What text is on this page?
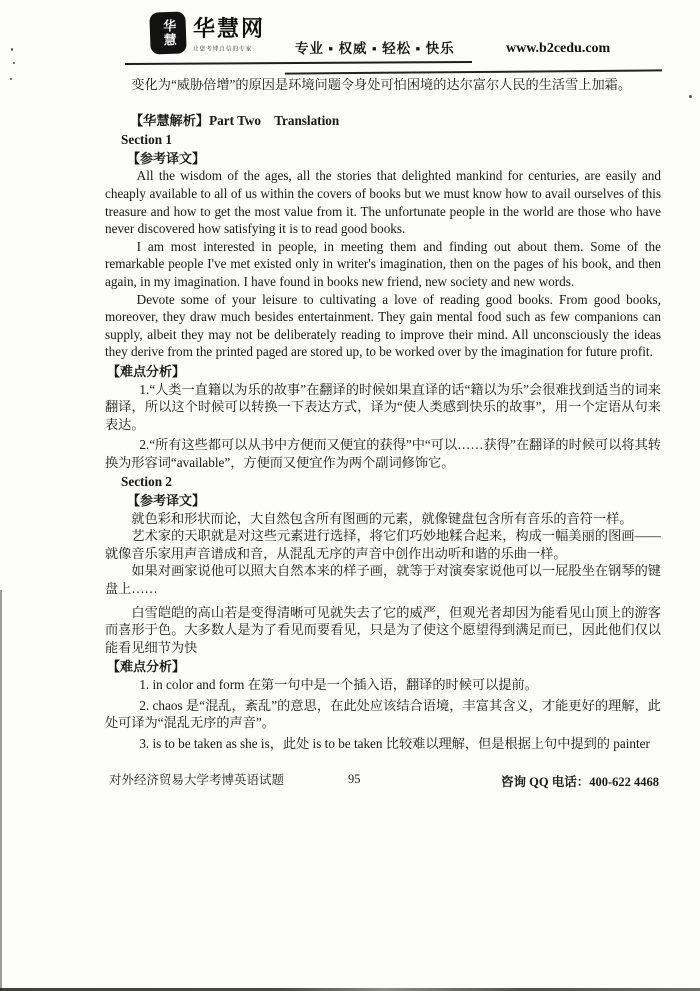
华慧 华慧网
让您考博自信的专家	专业 ▪ 权威 ▪ 轻松 ▪ 快乐	www.b2cedu.com

变化为“威胁倍增”的原因是环境问题令身处可怕困境的达尔富尔人民的生活雪上加霜。

【华慧解析】Part Two　Translation

Section 1

【参考译文】

All the wisdom of the ages, all the stories that delighted mankind for centuries, are easily and cheaply available to all of us within the covers of books but we must know how to avail ourselves of this treasure and how to get the most value from it. The unfortunate people in the world are those who have never discovered how satisfying it is to read good books.

I am most interested in people, in meeting them and finding out about them. Some of the remarkable people I've met existed only in writer's imagination, then on the pages of his book, and then again, in my imagination. I have found in books new friend, new society and new words.

Devote some of your leisure to cultivating a love of reading good books. From good books, moreover, they draw much besides entertainment. They gain mental food such as few companions can supply, albeit they may not be deliberately reading to improve their mind. All unconsciously the ideas they derive from the printed paged are stored up, to be worked over by the imagination for future profit.

【难点分析】

1.“人类一直籍以为乐的故事”在翻译的时候如果直译的话“籍以为乐”会很难找到适当的词来翻译，所以这个时候可以转换一下表达方式，译为“使人类感到快乐的故事”，用一个定语从句来表达。

2.“所有这些都可以从书中方便而又便宜的获得”中“可以……获得”在翻译的时候可以将其转换为形容词“available”，方便而又便宜作为两个副词修饰它。

Section 2

【参考译文】

就色彩和形状而论，大自然包含所有图画的元素，就像键盘包含所有音乐的音符一样。

艺术家的天职就是对这些元素进行选择，将它们巧妙地糅合起来，构成一幅美丽的图画——就像音乐家用声音谱成和音，从混乱无序的声音中创作出动听和谐的乐曲一样。

如果对画家说他可以照大自然本来的样子画，就等于对演奏家说他可以一屁股坐在钢琴的键盘上……

白雪皑皑的高山若是变得清晰可见就失去了它的威严，但观光者却因为能看见山顶上的游客而喜形于色。大多数人是为了看见而要看见，只是为了使这个愿望得到满足而已，因此他们仅以能看见细节为快

【难点分析】

1. in color and form 在第一句中是一个插入语，翻译的时候可以提前。

2. chaos 是“混乱，紊乱”的意思，在此处应该结合语境，丰富其含义，才能更好的理解，此处可译为“混乱无序的声音”。

3. is to be taken as she is，此处 is to be taken 比较难以理解，但是根据上句中提到的 painter

对外经济贸易大学考博英语试题	95	咨询 QQ 电话：400-622 4468
